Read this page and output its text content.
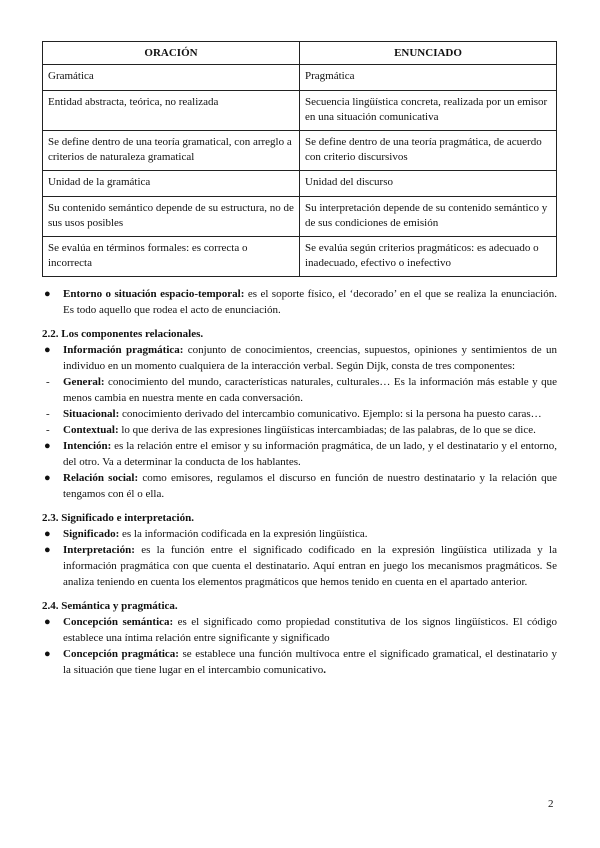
ORACIÓN	ENUNCIADO
Gramática	Pragmática
Entidad abstracta, teórica, no realizada	Secuencia lingüística concreta, realizada por un emisor en una situación comunicativa
Se define dentro de una teoría gramatical, con arreglo a criterios de naturaleza gramatical	Se define dentro de una teoría pragmática, de acuerdo con criterio discursivos
Unidad de la gramática	Unidad del discurso
Su contenido semántico depende de su estructura, no de sus usos posibles	Su interpretación depende de su contenido semántico y de sus condiciones de emisión
Se evalúa en términos formales: es correcta o incorrecta	Se evalúa según criterios pragmáticos: es adecuado o inadecuado, efectivo o inefectivo
● Entorno o situación espacio-temporal: es el soporte físico, el ‘decorado’ en el que se realiza la enunciación. Es todo aquello que rodea el acto de enunciación.
2.2. Los componentes relacionales.
● Información pragmática: conjunto de conocimientos, creencias, supuestos, opiniones y sentimientos de un individuo en un momento cualquiera de la interacción verbal. Según Dijk, consta de tres componentes:
- General: conocimiento del mundo, características naturales, culturales… Es la información más estable y que menos cambia en nuestra mente en cada conversación.
- Situacional: conocimiento derivado del intercambio comunicativo. Ejemplo: si la persona ha puesto caras…
- Contextual: lo que deriva de las expresiones lingüísticas intercambiadas; de las palabras, de lo que se dice.
● Intención: es la relación entre el emisor y su información pragmática, de un lado, y el destinatario y el entorno, del otro. Va a determinar la conducta de los hablantes.
● Relación social: como emisores, regulamos el discurso en función de nuestro destinatario y la relación que tengamos con él o ella.
2.3. Significado e interpretación.
● Significado: es la información codificada en la expresión lingüística.
● Interpretación: es la función entre el significado codificado en la expresión lingüística utilizada y la información pragmática con que cuenta el destinatario. Aquí entran en juego los mecanismos pragmáticos. Se analiza teniendo en cuenta los elementos pragmáticos que hemos tenido en cuenta en el apartado anterior.
2.4. Semántica y pragmática.
● Concepción semántica: es el significado como propiedad constitutiva de los signos lingüísticos. El código establece una íntima relación entre significante y significado
● Concepción pragmática: se establece una función multívoca entre el significado gramatical, el destinatario y la situación que tiene lugar en el intercambio comunicativo.
2
